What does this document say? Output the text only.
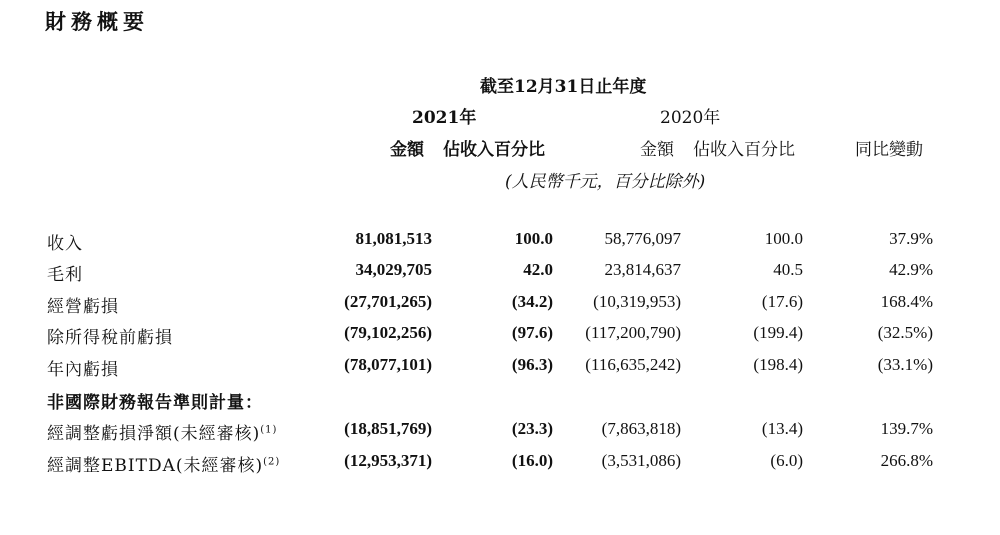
財務概要
截至12月31日止年度
2021年	2020年
金額 佔收入百分比	金額 佔收入百分比	同比變動
(人民幣千元，百分比除外)
收入	81,081,513	100.0	58,776,097	100.0	37.9%
毛利	34,029,705	42.0	23,814,637	40.5	42.9%
經營虧損	(27,701,265)	(34.2) (10,319,953)	(17.6)	168.4%
除所得稅前虧損	(79,102,256)	(97.6) (117,200,790)	(199.4)	(32.5%)
年內虧損	(78,077,101)	(96.3) (116,635,242)	(198.4)	(33.1%)
經調整虧損淨額(未經審核)$^{(1)}$	(18,851,769)	(23.3)	(7,863,818)	(13.4)	139.7%
經調整EBITDA(未經審核)$^{(2)}$	(12,953,371)	(16.0)	(3,531,086)	(6.0)	266.8%
非國際財務報告準則計量：
